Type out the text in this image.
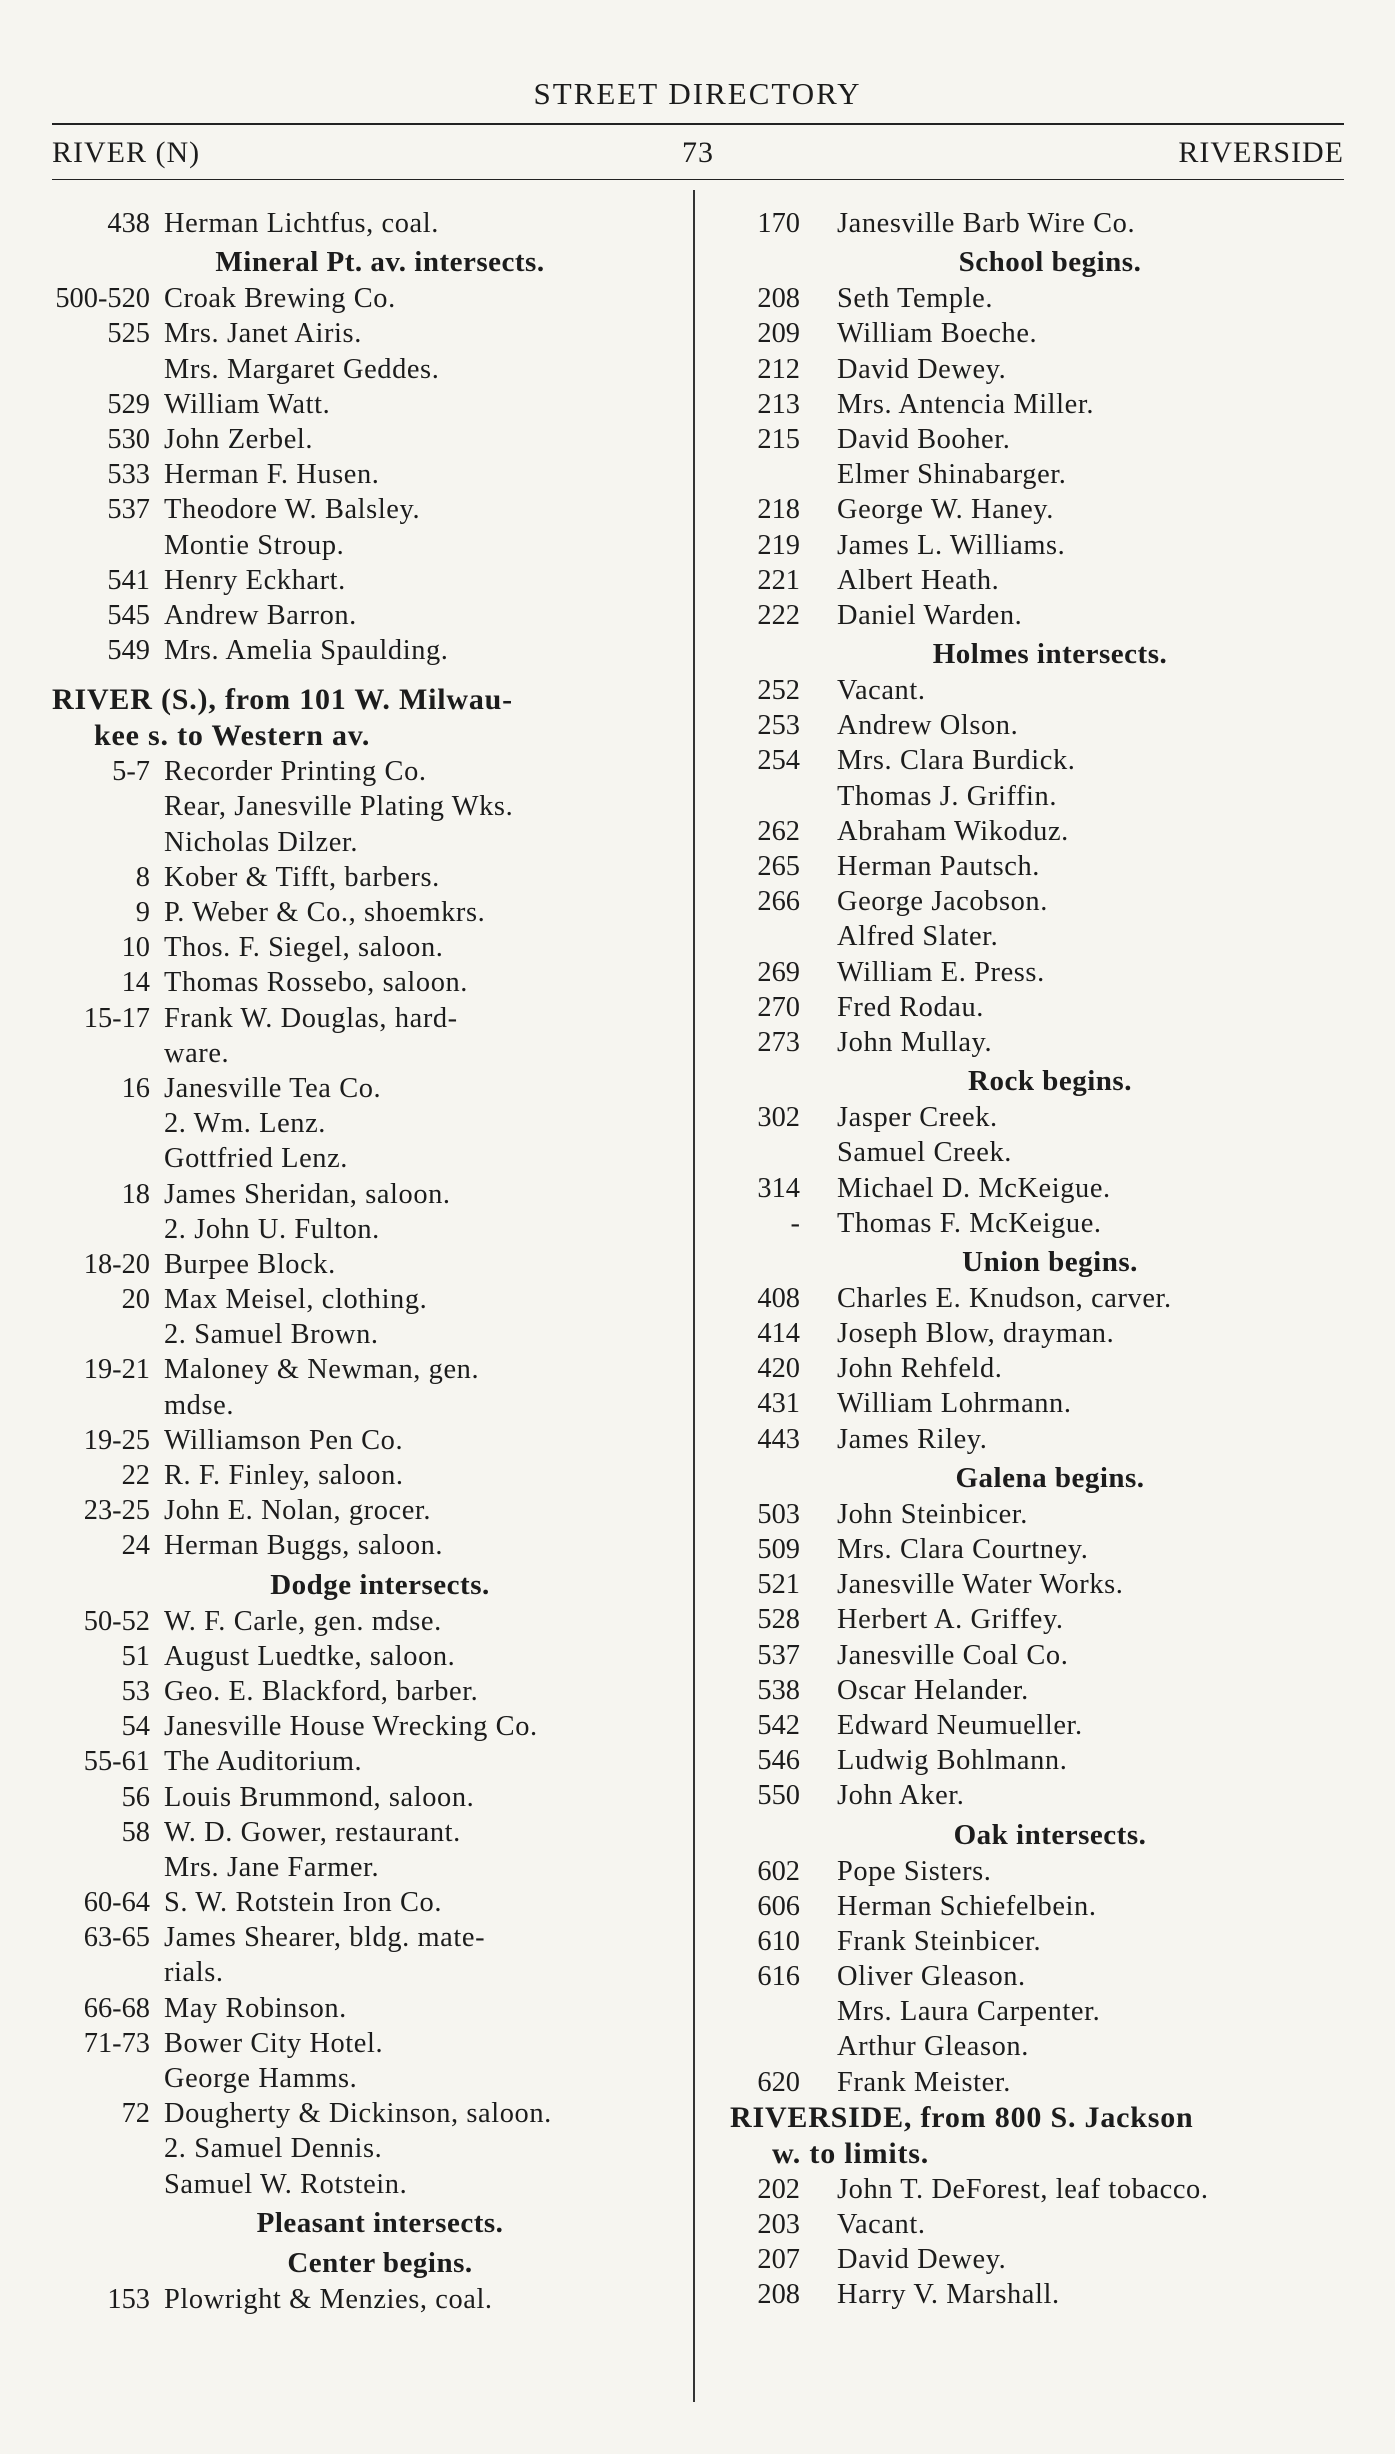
STREET DIRECTORY
RIVER (N)	73	RIVERSIDE
438 Herman Lichtfus, coal.
Mineral Pt. av. intersects.
500-520 Croak Brewing Co.
525 Mrs. Janet Airis.
Mrs. Margaret Geddes.
529 William Watt.
530 John Zerbel.
533 Herman F. Husen.
537 Theodore W. Balsley.
Montie Stroup.
541 Henry Eckhart.
545 Andrew Barron.
549 Mrs. Amelia Spaulding.
RIVER (S.), from 101 W. Milwau-
kee s. to Western av.
5-7 Recorder Printing Co.
Rear, Janesville Plating Wks.
Nicholas Dilzer.
8 Kober & Tifft, barbers.
9 P. Weber & Co., shoemkrs.
10 Thos. F. Siegel, saloon.
14 Thomas Rossebo, saloon.
15-17 Frank W. Douglas, hard-
ware.
16 Janesville Tea Co.
2. Wm. Lenz.
Gottfried Lenz.
18 James Sheridan, saloon.
2. John U. Fulton.
18-20 Burpee Block.
20 Max Meisel, clothing.
2. Samuel Brown.
19-21 Maloney & Newman, gen.
mdse.
19-25 Williamson Pen Co.
22 R. F. Finley, saloon.
23-25 John E. Nolan, grocer.
24 Herman Buggs, saloon.
Dodge intersects.
50-52 W. F. Carle, gen. mdse.
51 August Luedtke, saloon.
53 Geo. E. Blackford, barber.
54 Janesville House Wrecking Co.
55-61 The Auditorium.
56 Louis Brummond, saloon.
58 W. D. Gower, restaurant.
Mrs. Jane Farmer.
60-64 S. W. Rotstein Iron Co.
63-65 James Shearer, bldg. mate-
rials.
66-68 May Robinson.
71-73 Bower City Hotel.
George Hamms.
72 Dougherty & Dickinson, saloon.
2. Samuel Dennis.
Samuel W. Rotstein.
Pleasant intersects.
Center begins.
153 Plowright & Menzies, coal.
170 Janesville Barb Wire Co.
School begins.
208 Seth Temple.
209 William Boeche.
212 David Dewey.
213 Mrs. Antencia Miller.
215 David Booher.
Elmer Shinabarger.
218 George W. Haney.
219 James L. Williams.
221 Albert Heath.
222 Daniel Warden.
Holmes intersects.
252 Vacant.
253 Andrew Olson.
254 Mrs. Clara Burdick.
Thomas J. Griffin.
262 Abraham Wikoduz.
265 Herman Pautsch.
266 George Jacobson.
Alfred Slater.
269 William E. Press.
270 Fred Rodau.
273 John Mullay.
Rock begins.
302 Jasper Creek.
Samuel Creek.
314 Michael D. McKeigue.
- Thomas F. McKeigue.
Union begins.
408 Charles E. Knudson, carver.
414 Joseph Blow, drayman.
420 John Rehfeld.
431 William Lohrmann.
443 James Riley.
Galena begins.
503 John Steinbicer.
509 Mrs. Clara Courtney.
521 Janesville Water Works.
528 Herbert A. Griffey.
537 Janesville Coal Co.
538 Oscar Helander.
542 Edward Neumueller.
546 Ludwig Bohlmann.
550 John Aker.
Oak intersects.
602 Pope Sisters.
606 Herman Schiefelbein.
610 Frank Steinbicer.
616 Oliver Gleason.
Mrs. Laura Carpenter.
Arthur Gleason.
620 Frank Meister.
RIVERSIDE, from 800 S. Jackson
w. to limits.
202 John T. DeForest, leaf tobacco.
203 Vacant.
207 David Dewey.
208 Harry V. Marshall.
